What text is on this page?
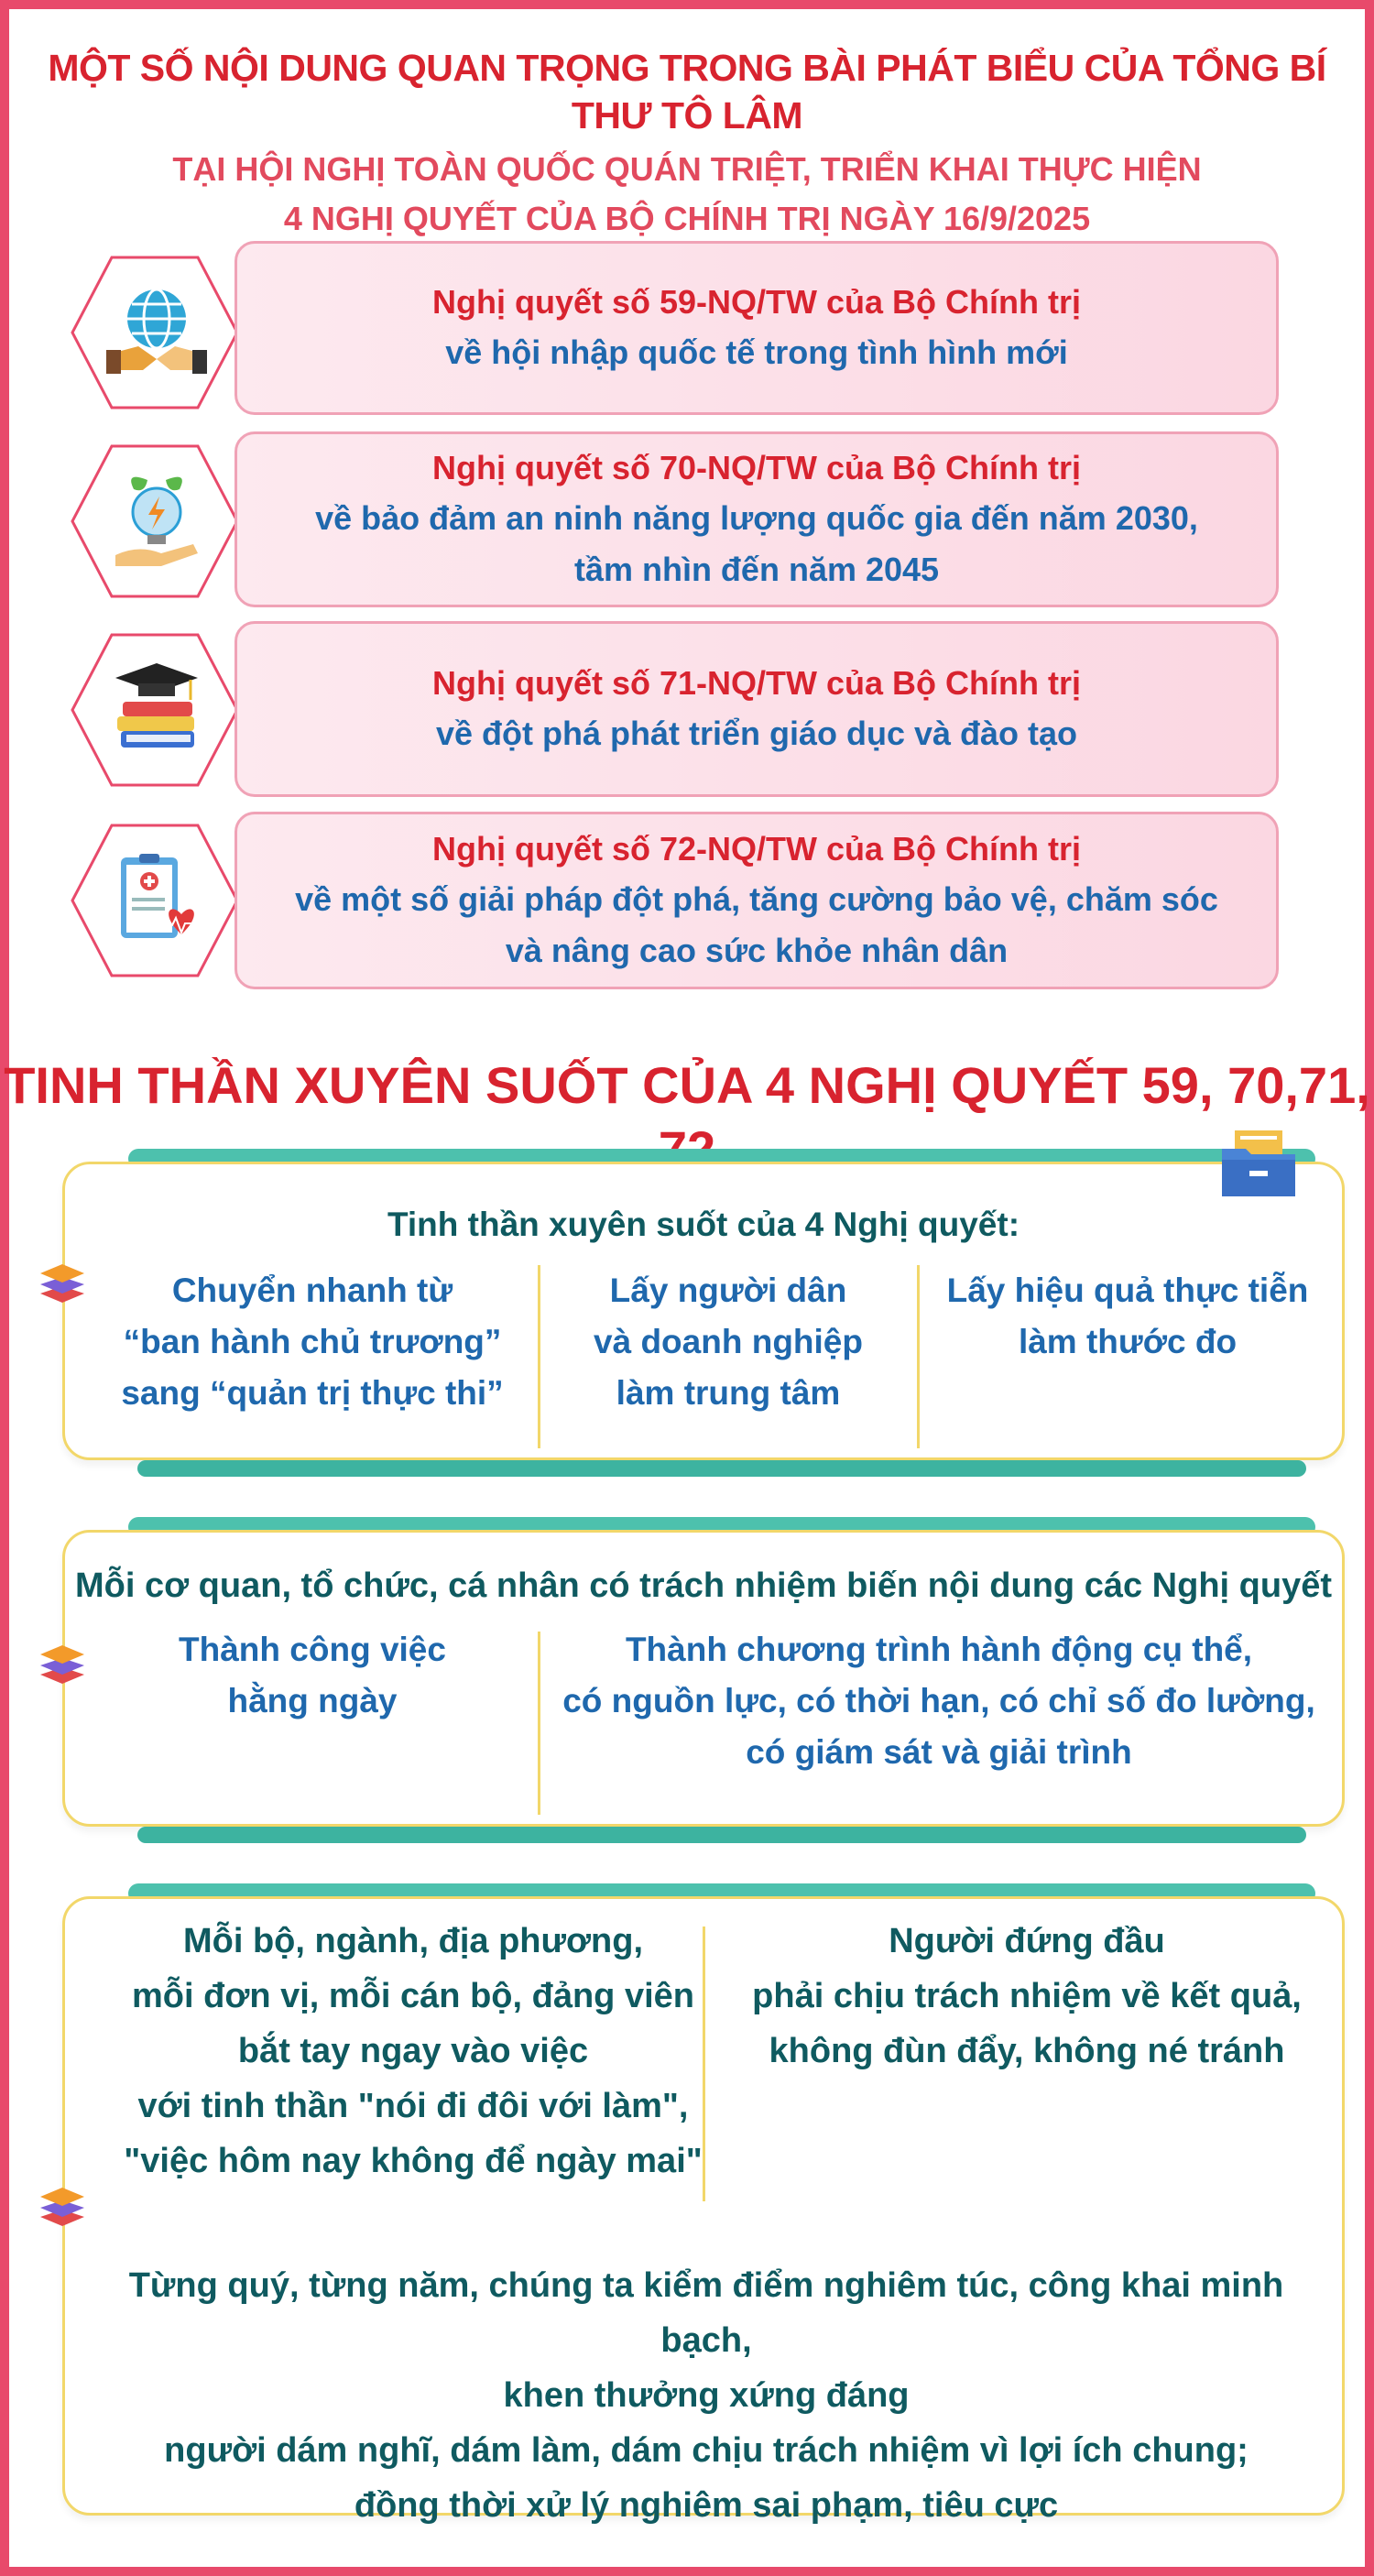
MỘT SỐ NỘI DUNG QUAN TRỌNG TRONG BÀI PHÁT BIỂU CỦA TỔNG BÍ THƯ TÔ LÂM
TẠI HỘI NGHỊ TOÀN QUỐC QUÁN TRIỆT, TRIỂN KHAI THỰC HIỆN
4 NGHỊ QUYẾT CỦA BỘ CHÍNH TRỊ NGÀY 16/9/2025
Nghị quyết số 59-NQ/TW của Bộ Chính trị
về hội nhập quốc tế trong tình hình mới
Nghị quyết số 70-NQ/TW của Bộ Chính trị
về bảo đảm an ninh năng lượng quốc gia đến năm 2030,
tầm nhìn đến năm 2045
Nghị quyết số 71-NQ/TW của Bộ Chính trị
về đột phá phát triển giáo dục và đào tạo
Nghị quyết số 72-NQ/TW của Bộ Chính trị
về một số giải pháp đột phá, tăng cường bảo vệ, chăm sóc
và nâng cao sức khỏe nhân dân
TINH THẦN XUYÊN SUỐT CỦA 4 NGHỊ QUYẾT 59, 70,71,
Tinh thần xuyên suốt của 4 Nghị quyết:
Chuyển nhanh từ
“ban hành chủ trương”
sang “quản trị thực thi”
Lấy người dân
và doanh nghiệp
làm trung tâm
Lấy hiệu quả thực tiễn
làm thước đo
Mỗi cơ quan, tổ chức, cá nhân có trách nhiệm biến nội dung các Nghị quyết
Thành công việc
hằng ngày
Thành chương trình hành động cụ thể,
có nguồn lực, có thời hạn, có chỉ số đo lường,
có giám sát và giải trình
Mỗi bộ, ngành, địa phương,
mỗi đơn vị, mỗi cán bộ, đảng viên
bắt tay ngay vào việc
với tinh thần "nói đi đôi với làm",
"việc hôm nay không để ngày mai"
Người đứng đầu
phải chịu trách nhiệm về kết quả,
không đùn đẩy, không né tránh
Từng quý, từng năm, chúng ta kiểm điểm nghiêm túc, công khai minh bạch,
khen thưởng xứng đáng
người dám nghĩ, dám làm, dám chịu trách nhiệm vì lợi ích chung;
đồng thời xử lý nghiêm sai phạm, tiêu cực
